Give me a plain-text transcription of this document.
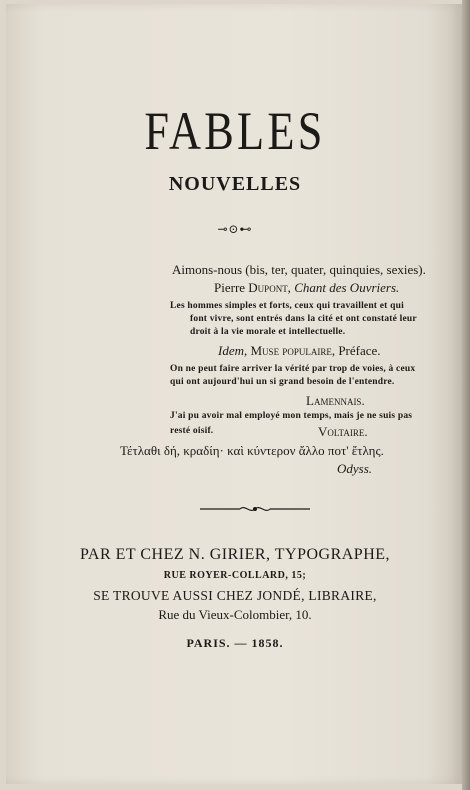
FABLES
NOUVELLES
⊸⊙⊷
Aimons-nous (bis, ter, quater, quinquies, sexies).
Pierre Dupont, Chant des Ouvriers.
Les hommes simples et forts, ceux qui travaillent et qui
font vivre, sont entrés dans la cité et ont constaté leur
droit à la vie morale et intellectuelle.
Idem, Muse populaire, Préface.
On ne peut faire arriver la vérité par trop de voies, à ceux
qui ont aujourd'hui un si grand besoin de l'entendre.
Lamennais.
J'ai pu avoir mal employé mon temps, mais je ne suis pas
resté oisif.	Voltaire.
Τέτλαθι δή, κραδίη· καὶ κύντερον ἄλλο ποτ' ἔτλης.
Odyss.
PAR ET CHEZ N. GIRIER, TYPOGRAPHE,
RUE ROYER-COLLARD, 15;
SE TROUVE AUSSI CHEZ JONDÉ, LIBRAIRE,
Rue du Vieux-Colombier, 10.
PARIS. — 1858.
